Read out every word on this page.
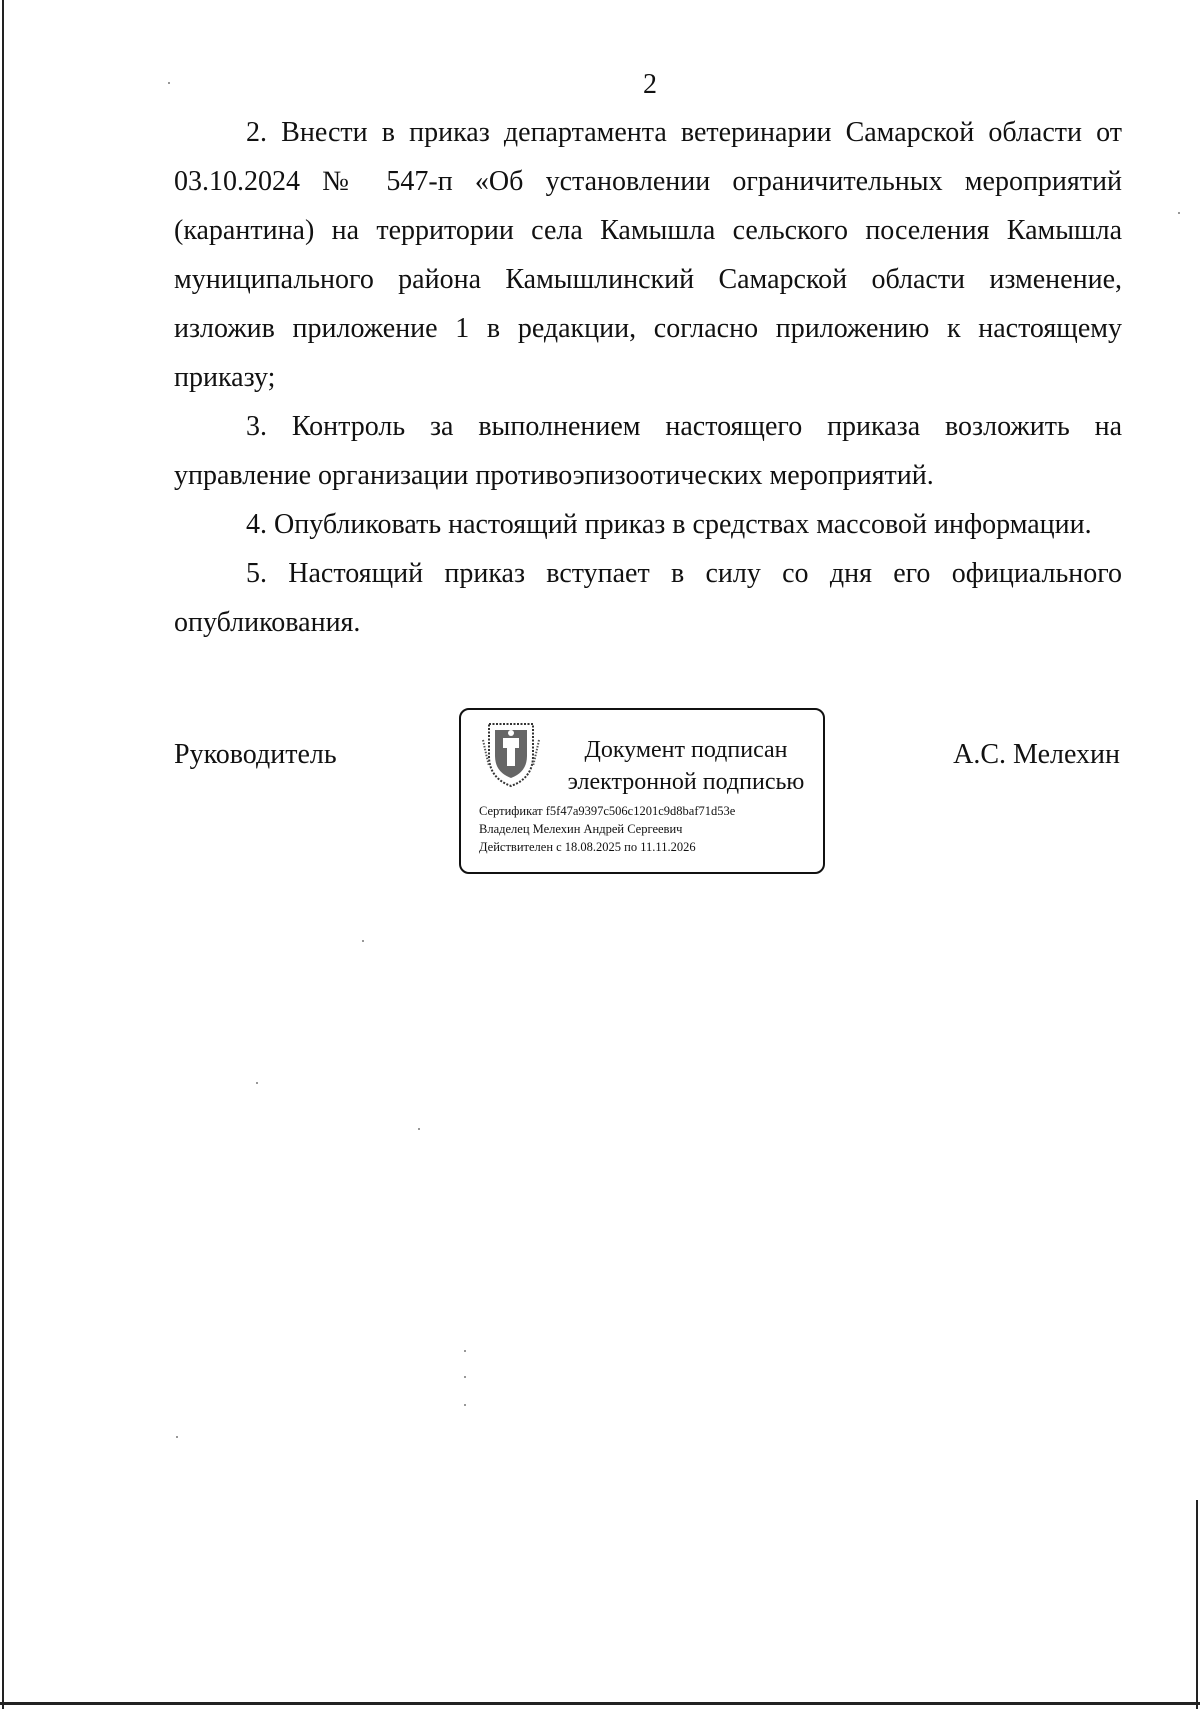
2

2. Внести в приказ департамента ветеринарии Самарской области от 03.10.2024 № 547-п «Об установлении ограничительных мероприятий (карантина) на территории села Камышла сельского поселения Камышла муниципального района Камышлинский Самарской области изменение, изложив приложение 1 в редакции, согласно приложению к настоящему приказу;

3. Контроль за выполнением настоящего приказа возложить на управление организации противоэпизоотических мероприятий.

4. Опубликовать настоящий приказ в средствах массовой информации.

5. Настоящий приказ вступает в силу со дня его официального опубликования.

Руководитель	Документ подписан
электронной подписью
Сертификат f5f47a9397c506c1201c9d8baf71d53e
Владелец Мелехин Андрей Сергеевич
Действителен с 18.08.2025 по 11.11.2026
А.С. Мелехин
